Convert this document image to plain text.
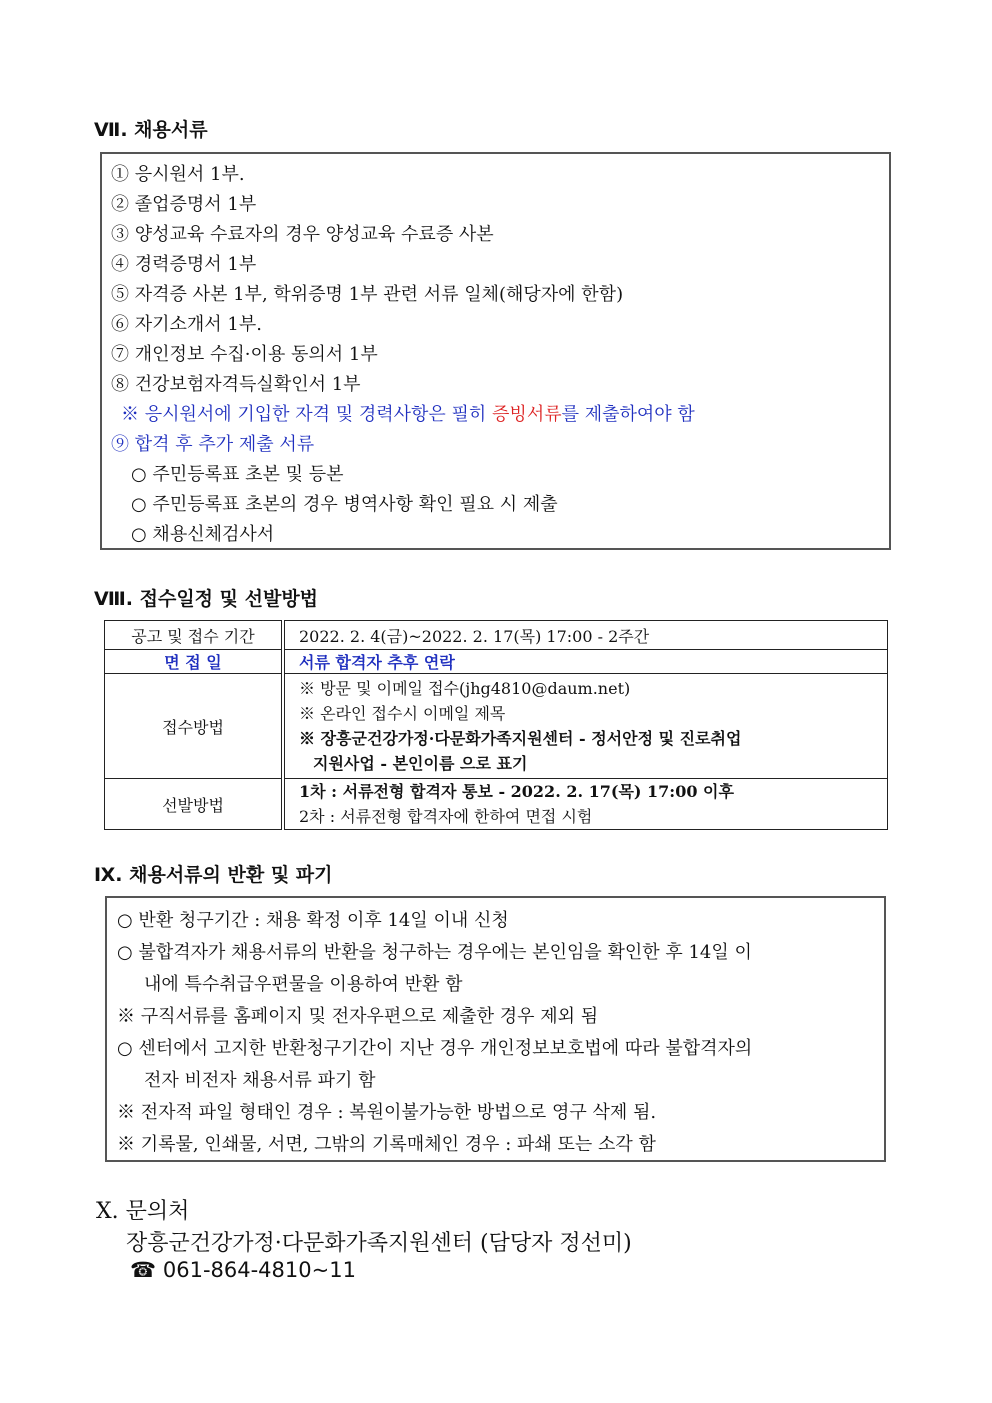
Ⅶ. 채용서류
① 응시원서 1부.
② 졸업증명서 1부
③ 양성교육 수료자의 경우 양성교육 수료증 사본
④ 경력증명서 1부
⑤ 자격증 사본 1부, 학위증명 1부 관련 서류 일체(해당자에 한함)
⑥ 자기소개서 1부.
⑦ 개인정보 수집·이용 동의서 1부
⑧ 건강보험자격득실확인서 1부
※ 응시원서에 기입한 자격 및 경력사항은 필히 증빙서류를 제출하여야 함
⑨ 합격 후 추가 제출 서류
○ 주민등록표 초본 및 등본
○ 주민등록표 초본의 경우 병역사항 확인 필요 시 제출
○ 채용신체검사서
Ⅷ. 접수일정 및 선발방법
공고 및 접수 기간	2022. 2. 4(금)~2022. 2. 17(목) 17:00 - 2주간
면 접 일	서류 합격자 추후 연락
접수방법	※ 방문 및 이메일 접수(jhg4810@daum.net)
※ 온라인 접수시 이메일 제목
※ 장흥군건강가정·다문화가족지원센터 - 정서안정 및 진로취업
지원사업 - 본인이름 으로 표기

선발방법	1차 : 서류전형 합격자 통보 - 2022. 2. 17(목) 17:00 이후
2차 : 서류전형 합격자에 한하여 면접 시험
Ⅸ. 채용서류의 반환 및 파기
○ 반환 청구기간 : 채용 확정 이후 14일 이내 신청
○ 불합격자가 채용서류의 반환을 청구하는 경우에는 본인임을 확인한 후 14일 이
내에 특수취급우편물을 이용하여 반환 함
※ 구직서류를 홈페이지 및 전자우편으로 제출한 경우 제외 됨
○ 센터에서 고지한 반환청구기간이 지난 경우 개인정보보호법에 따라 불합격자의
전자 비전자 채용서류 파기 함
※ 전자적 파일 형태인 경우 : 복원이불가능한 방법으로 영구 삭제 됨.
※ 기록물, 인쇄물, 서면, 그밖의 기록매체인 경우 : 파쇄 또는 소각 함
Ⅹ. 문의처
장흥군건강가정·다문화가족지원센터 (담당자 정선미)
☎ 061-864-4810~11
